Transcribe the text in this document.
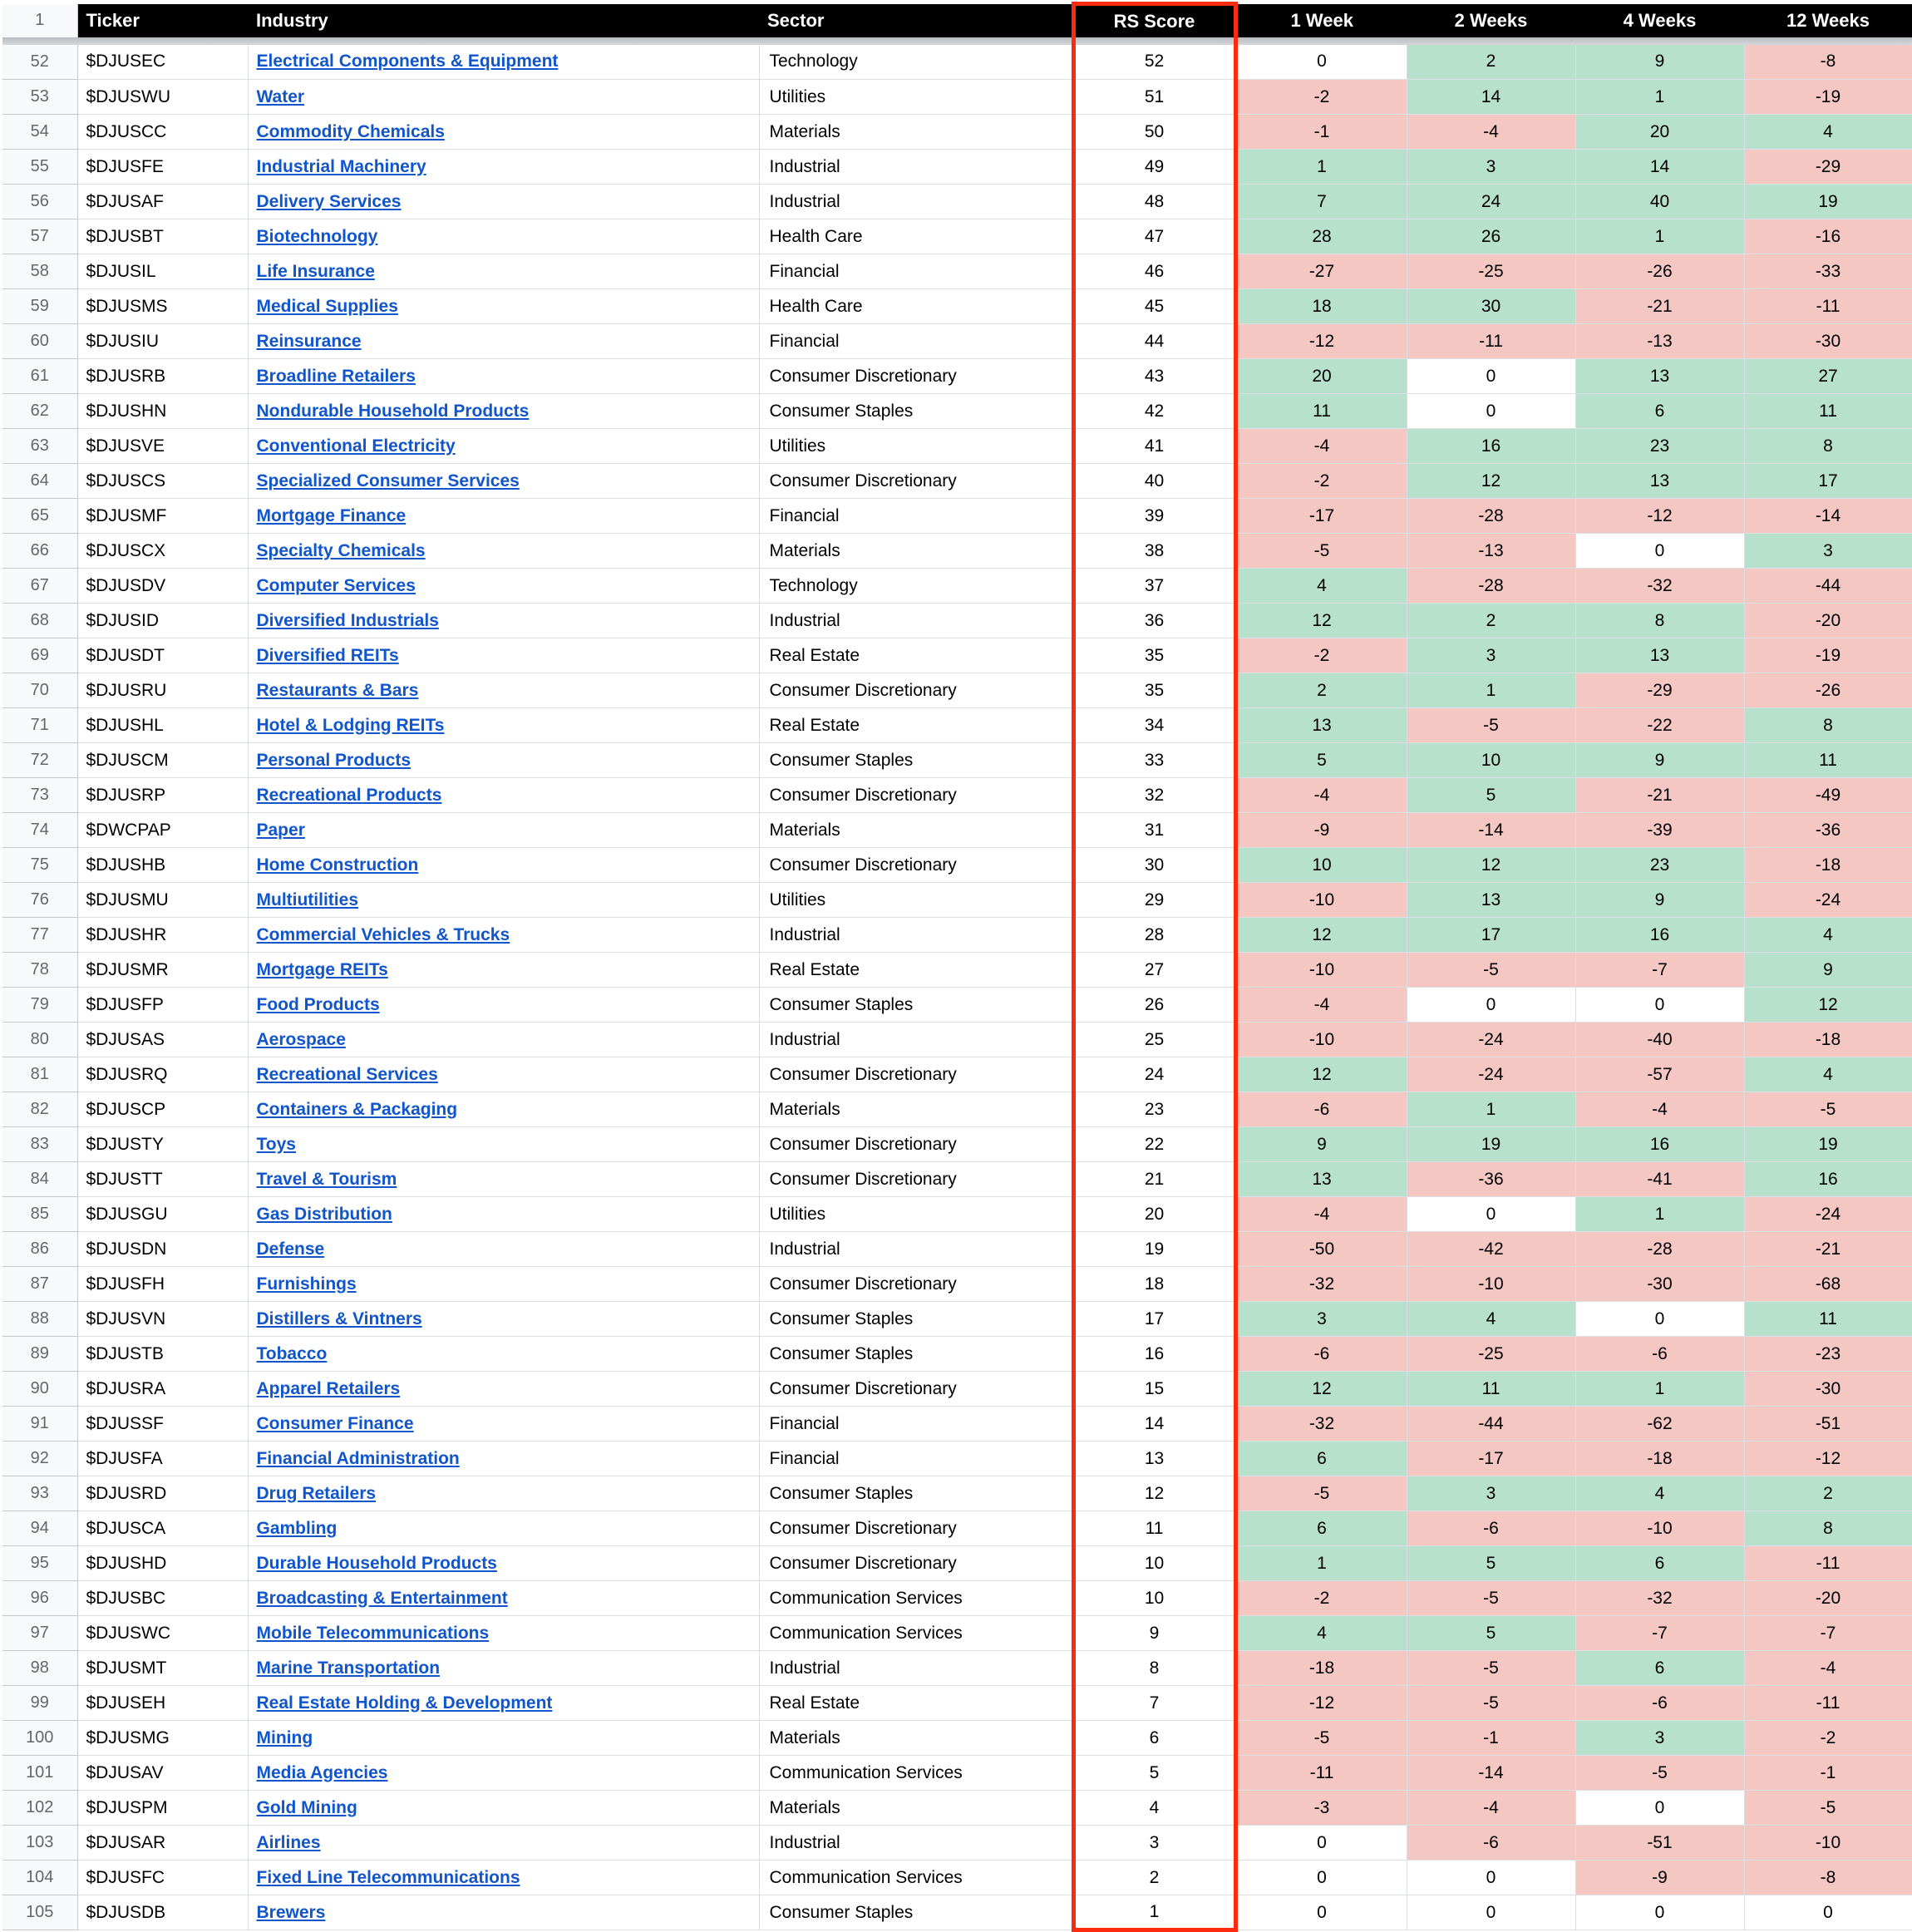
1	Ticker	Industry	Sector	RS Score	1 Week	2 Weeks	4 Weeks	12 Weeks

52	$DJUSEC	Electrical Components & Equipment	Technology	52	0	2	9	-8
53	$DJUSWU	Water	Utilities	51	-2	14	1	-19
54	$DJUSCC	Commodity Chemicals	Materials	50	-1	-4	20	4
55	$DJUSFE	Industrial Machinery	Industrial	49	1	3	14	-29
56	$DJUSAF	Delivery Services	Industrial	48	7	24	40	19
57	$DJUSBT	Biotechnology	Health Care	47	28	26	1	-16
58	$DJUSIL	Life Insurance	Financial	46	-27	-25	-26	-33
59	$DJUSMS	Medical Supplies	Health Care	45	18	30	-21	-11
60	$DJUSIU	Reinsurance	Financial	44	-12	-11	-13	-30
61	$DJUSRB	Broadline Retailers	Consumer Discretionary	43	20	0	13	27
62	$DJUSHN	Nondurable Household Products	Consumer Staples	42	11	0	6	11
63	$DJUSVE	Conventional Electricity	Utilities	41	-4	16	23	8
64	$DJUSCS	Specialized Consumer Services	Consumer Discretionary	40	-2	12	13	17
65	$DJUSMF	Mortgage Finance	Financial	39	-17	-28	-12	-14
66	$DJUSCX	Specialty Chemicals	Materials	38	-5	-13	0	3
67	$DJUSDV	Computer Services	Technology	37	4	-28	-32	-44
68	$DJUSID	Diversified Industrials	Industrial	36	12	2	8	-20
69	$DJUSDT	Diversified REITs	Real Estate	35	-2	3	13	-19
70	$DJUSRU	Restaurants & Bars	Consumer Discretionary	35	2	1	-29	-26
71	$DJUSHL	Hotel & Lodging REITs	Real Estate	34	13	-5	-22	8
72	$DJUSCM	Personal Products	Consumer Staples	33	5	10	9	11
73	$DJUSRP	Recreational Products	Consumer Discretionary	32	-4	5	-21	-49
74	$DWCPAP	Paper	Materials	31	-9	-14	-39	-36
75	$DJUSHB	Home Construction	Consumer Discretionary	30	10	12	23	-18
76	$DJUSMU	Multiutilities	Utilities	29	-10	13	9	-24
77	$DJUSHR	Commercial Vehicles & Trucks	Industrial	28	12	17	16	4
78	$DJUSMR	Mortgage REITs	Real Estate	27	-10	-5	-7	9
79	$DJUSFP	Food Products	Consumer Staples	26	-4	0	0	12
80	$DJUSAS	Aerospace	Industrial	25	-10	-24	-40	-18
81	$DJUSRQ	Recreational Services	Consumer Discretionary	24	12	-24	-57	4
82	$DJUSCP	Containers & Packaging	Materials	23	-6	1	-4	-5
83	$DJUSTY	Toys	Consumer Discretionary	22	9	19	16	19
84	$DJUSTT	Travel & Tourism	Consumer Discretionary	21	13	-36	-41	16
85	$DJUSGU	Gas Distribution	Utilities	20	-4	0	1	-24
86	$DJUSDN	Defense	Industrial	19	-50	-42	-28	-21
87	$DJUSFH	Furnishings	Consumer Discretionary	18	-32	-10	-30	-68
88	$DJUSVN	Distillers & Vintners	Consumer Staples	17	3	4	0	11
89	$DJUSTB	Tobacco	Consumer Staples	16	-6	-25	-6	-23
90	$DJUSRA	Apparel Retailers	Consumer Discretionary	15	12	11	1	-30
91	$DJUSSF	Consumer Finance	Financial	14	-32	-44	-62	-51
92	$DJUSFA	Financial Administration	Financial	13	6	-17	-18	-12
93	$DJUSRD	Drug Retailers	Consumer Staples	12	-5	3	4	2
94	$DJUSCA	Gambling	Consumer Discretionary	11	6	-6	-10	8
95	$DJUSHD	Durable Household Products	Consumer Discretionary	10	1	5	6	-11
96	$DJUSBC	Broadcasting & Entertainment	Communication Services	10	-2	-5	-32	-20
97	$DJUSWC	Mobile Telecommunications	Communication Services	9	4	5	-7	-7
98	$DJUSMT	Marine Transportation	Industrial	8	-18	-5	6	-4
99	$DJUSEH	Real Estate Holding & Development	Real Estate	7	-12	-5	-6	-11
100	$DJUSMG	Mining	Materials	6	-5	-1	3	-2
101	$DJUSAV	Media Agencies	Communication Services	5	-11	-14	-5	-1
102	$DJUSPM	Gold Mining	Materials	4	-3	-4	0	-5
103	$DJUSAR	Airlines	Industrial	3	0	-6	-51	-10
104	$DJUSFC	Fixed Line Telecommunications	Communication Services	2	0	0	-9	-8
105	$DJUSDB	Brewers	Consumer Staples	1	0	0	0	0
